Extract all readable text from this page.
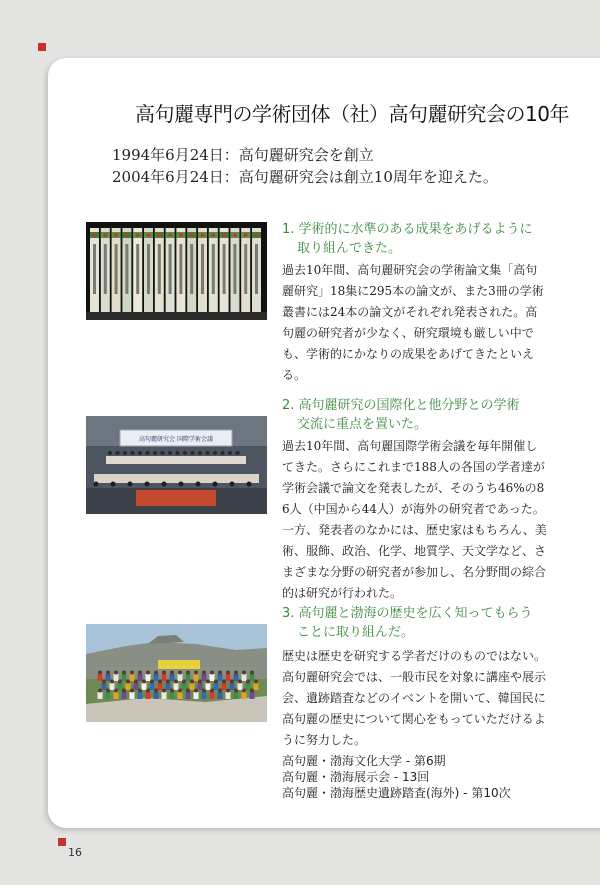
高句麗専門の学術団体（社）高句麗研究会の10年
1994年6月24日：高句麗研究会を創立
2004年6月24日：高句麗研究会は創立10周年を迎えた。
高句麗研究会 国際学術会議
1. 学術的に水準のある成果をあげるように
取り組んできた。
過去10年間、高句麗研究会の学術論文集「高句麗研究」18集に295本の論文が、また3冊の学術叢書には24本の論文がそれぞれ発表された。高句麗の研究者が少なく、研究環境も厳しい中でも、学術的にかなりの成果をあげてきたといえる。
2. 高句麗研究の国際化と他分野との学術
交流に重点を置いた。
過去10年間、高句麗国際学術会議を毎年開催してきた。さらにこれまで188人の各国の学者達が学術会議で論文を発表したが、そのうち46%の86人（中国から44人）が海外の研究者であった。一方、発表者のなかには、歴史家はもちろん、美術、服飾、政治、化学、地質学、天文学など、さまざまな分野の研究者が参加し、名分野間の綜合的は研究が行われた。
3. 高句麗と渤海の歴史を広く知ってもらう
ことに取り組んだ。
歴史は歴史を研究する学者だけのものではない。高句麗研究会では、一般市民を対象に講座や展示会、遺跡踏査などのイベントを開いて、韓国民に高句麗の歴史について関心をもっていただけるように努力した。
高句麗・渤海文化大学 - 第6期
高句麗・渤海展示会 - 13回
高句麗・渤海歴史遺跡踏査(海外) - 第10次
16
